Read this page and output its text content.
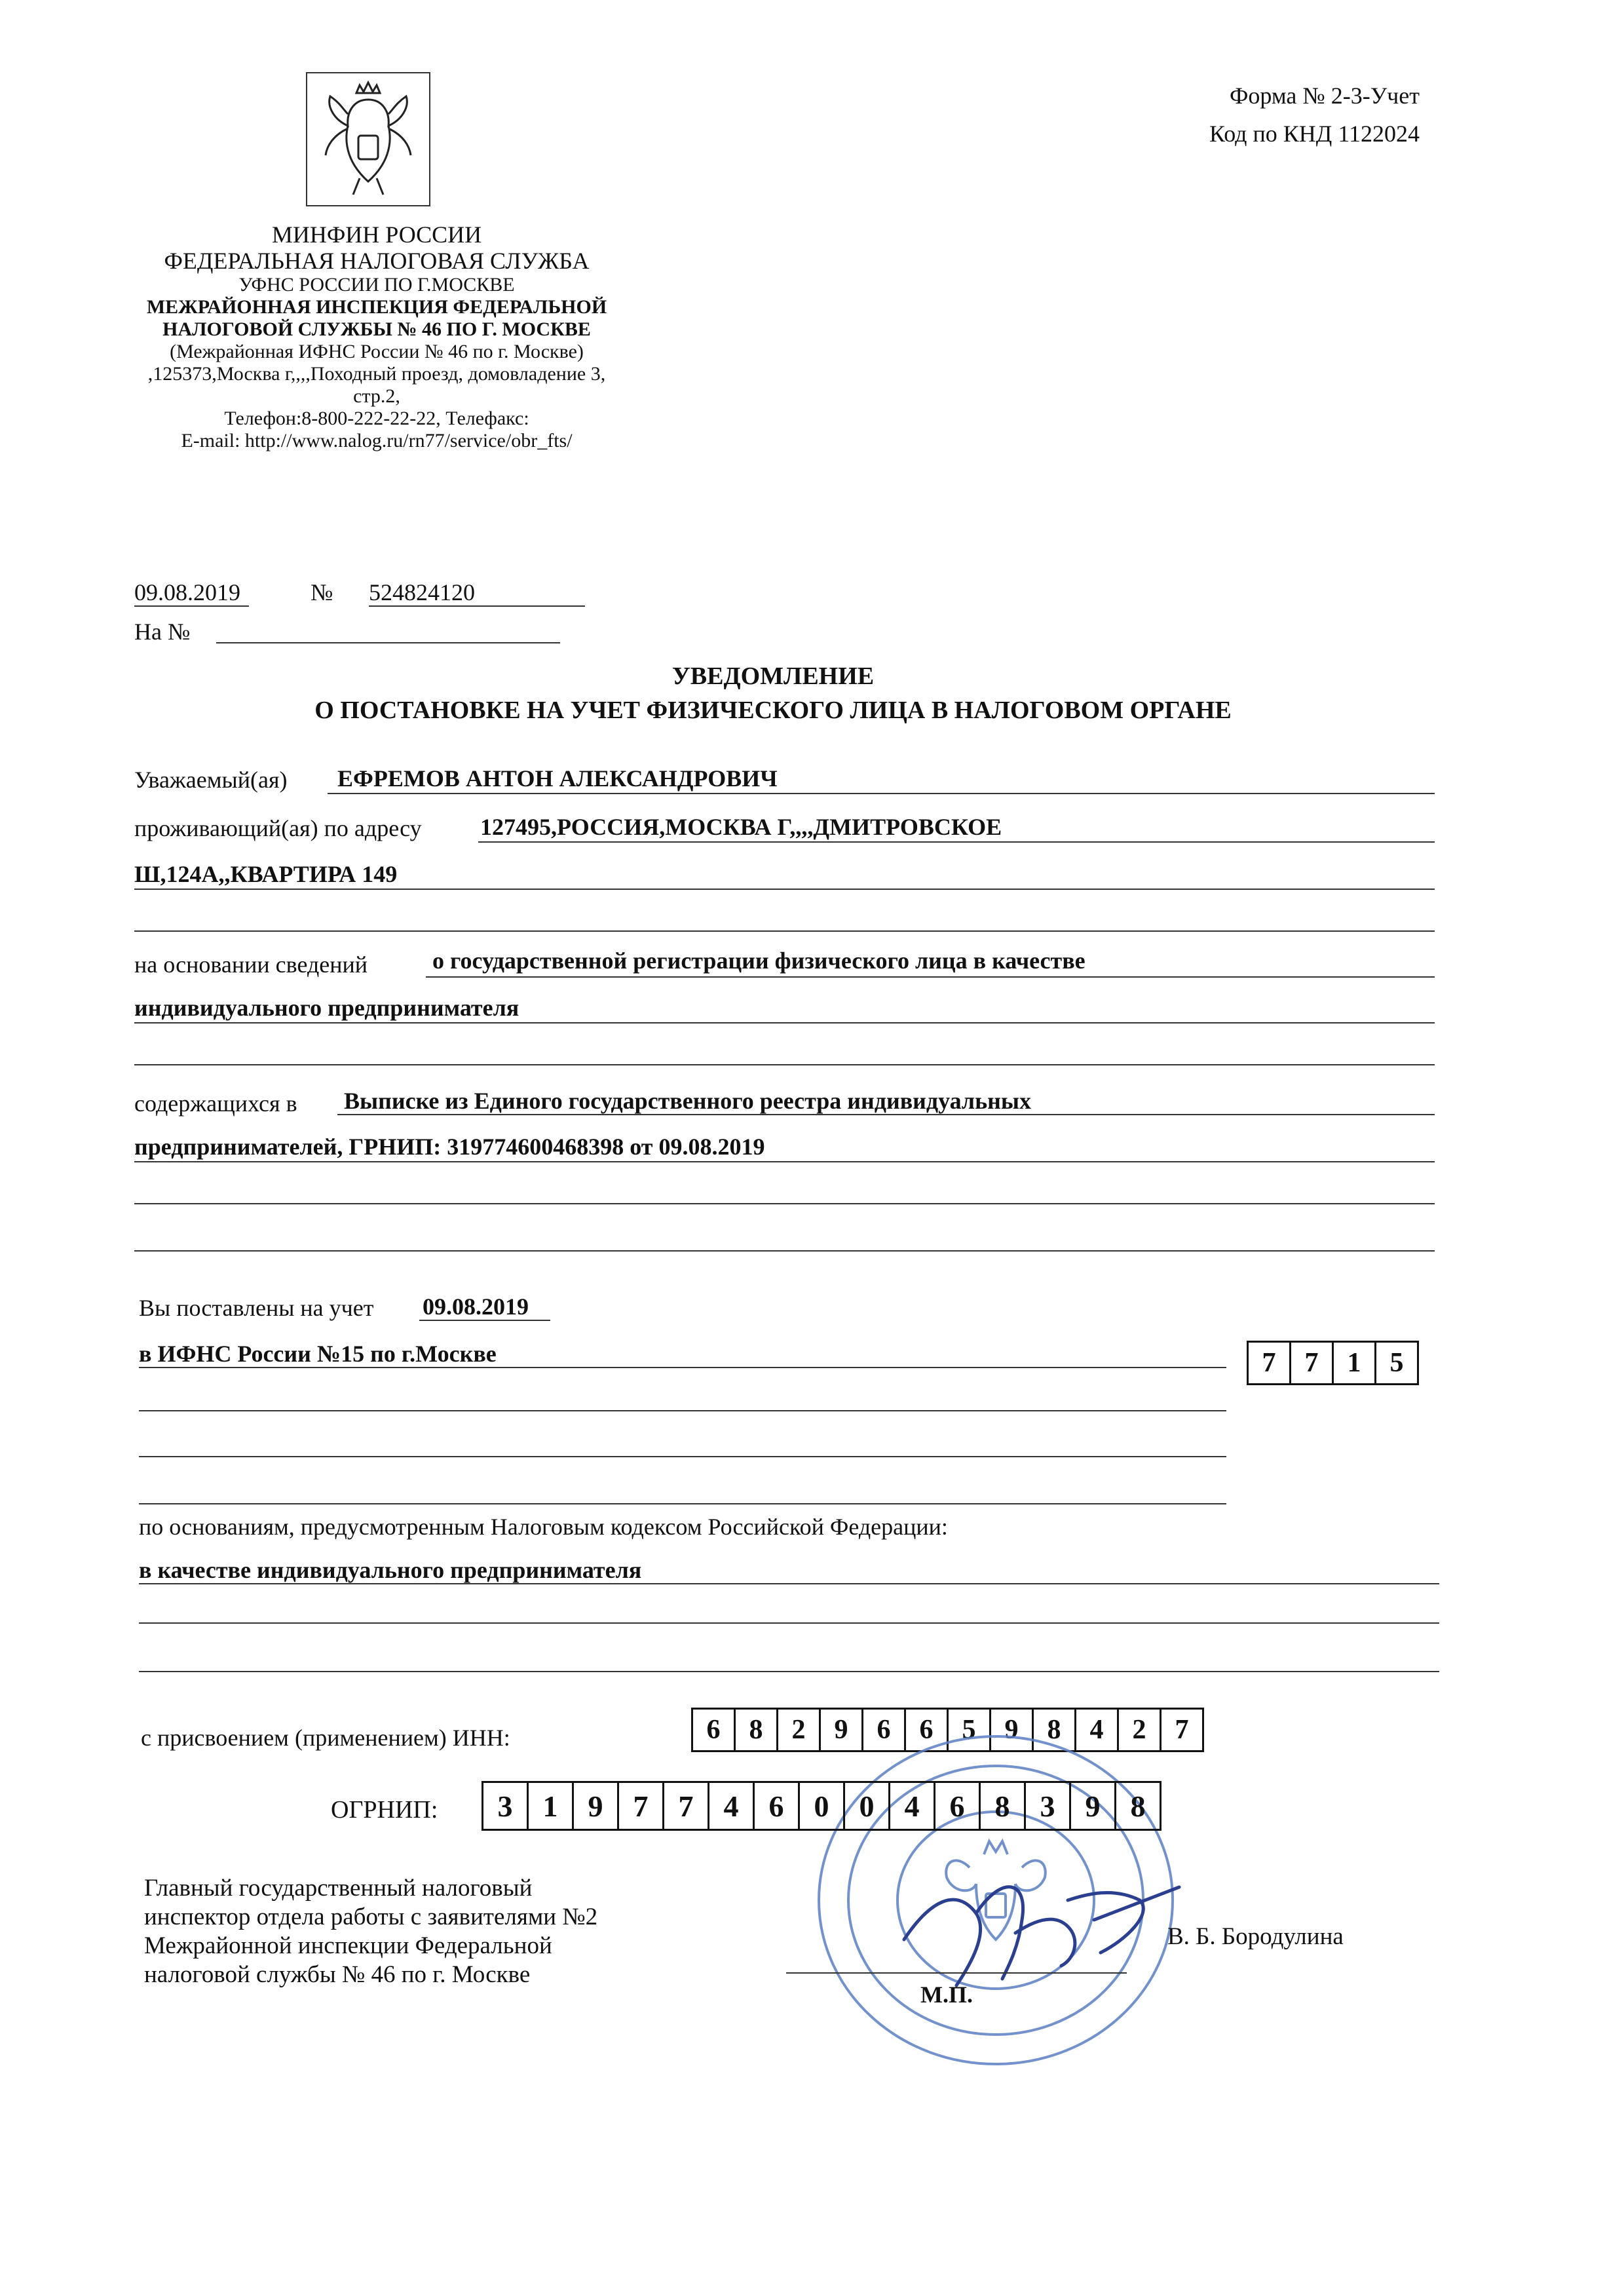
Форма № 2-3-Учет
Код по КНД 1122024
МИНФИН РОССИИ
ФЕДЕРАЛЬНАЯ НАЛОГОВАЯ СЛУЖБА
УФНС РОССИИ ПО Г.МОСКВЕ
МЕЖРАЙОННАЯ ИНСПЕКЦИЯ ФЕДЕРАЛЬНОЙ
НАЛОГОВОЙ СЛУЖБЫ № 46 ПО Г. МОСКВЕ
(Межрайонная ИФНС России № 46 по г. Москве)
,125373,Москва г,,,,Походный проезд, домовладение 3,
стр.2,
Телефон:8-800-222-22-22, Телефакс:
E-mail: http://www.nalog.ru/rn77/service/obr_fts/
09.08.2019	№ 524824120
На №
УВЕДОМЛЕНИЕ
О ПОСТАНОВКЕ НА УЧЕТ ФИЗИЧЕСКОГО ЛИЦА В НАЛОГОВОМ ОРГАНЕ
Уважаемый(ая) ЕФРЕМОВ АНТОН АЛЕКСАНДРОВИЧ
проживающий(ая) по адресу 127495,РОССИЯ,МОСКВА Г,,,,ДМИТРОВСКОЕ
Ш,124А,,КВАРТИРА 149
на основании сведений	о государственной регистрации физического лица в качестве
индивидуального предпринимателя
содержащихся в Выписке из Единого государственного реестра индивидуальных
предпринимателей, ГРНИП: 319774600468398 от 09.08.2019
Вы поставлены на учет 09.08.2019
в ИФНС России №15 по г.Москве	7	7	1	5
по основаниям, предусмотренным Налоговым кодексом Российской Федерации:
в качестве индивидуального предпринимателя
с присвоением (применением) ИНН:	6	8	2	9	6	6	5	9	8	4	2	7
ОГРНИП:	3	1	9	7	7	4	6	0	0	4	6	8	3	9	8
Главный государственный налоговый
инспектор отдела работы с заявителями №2
Межрайонной инспекции Федеральной
налоговой службы № 46 по г. Москве
В. Б. Бородулина
М.П.
